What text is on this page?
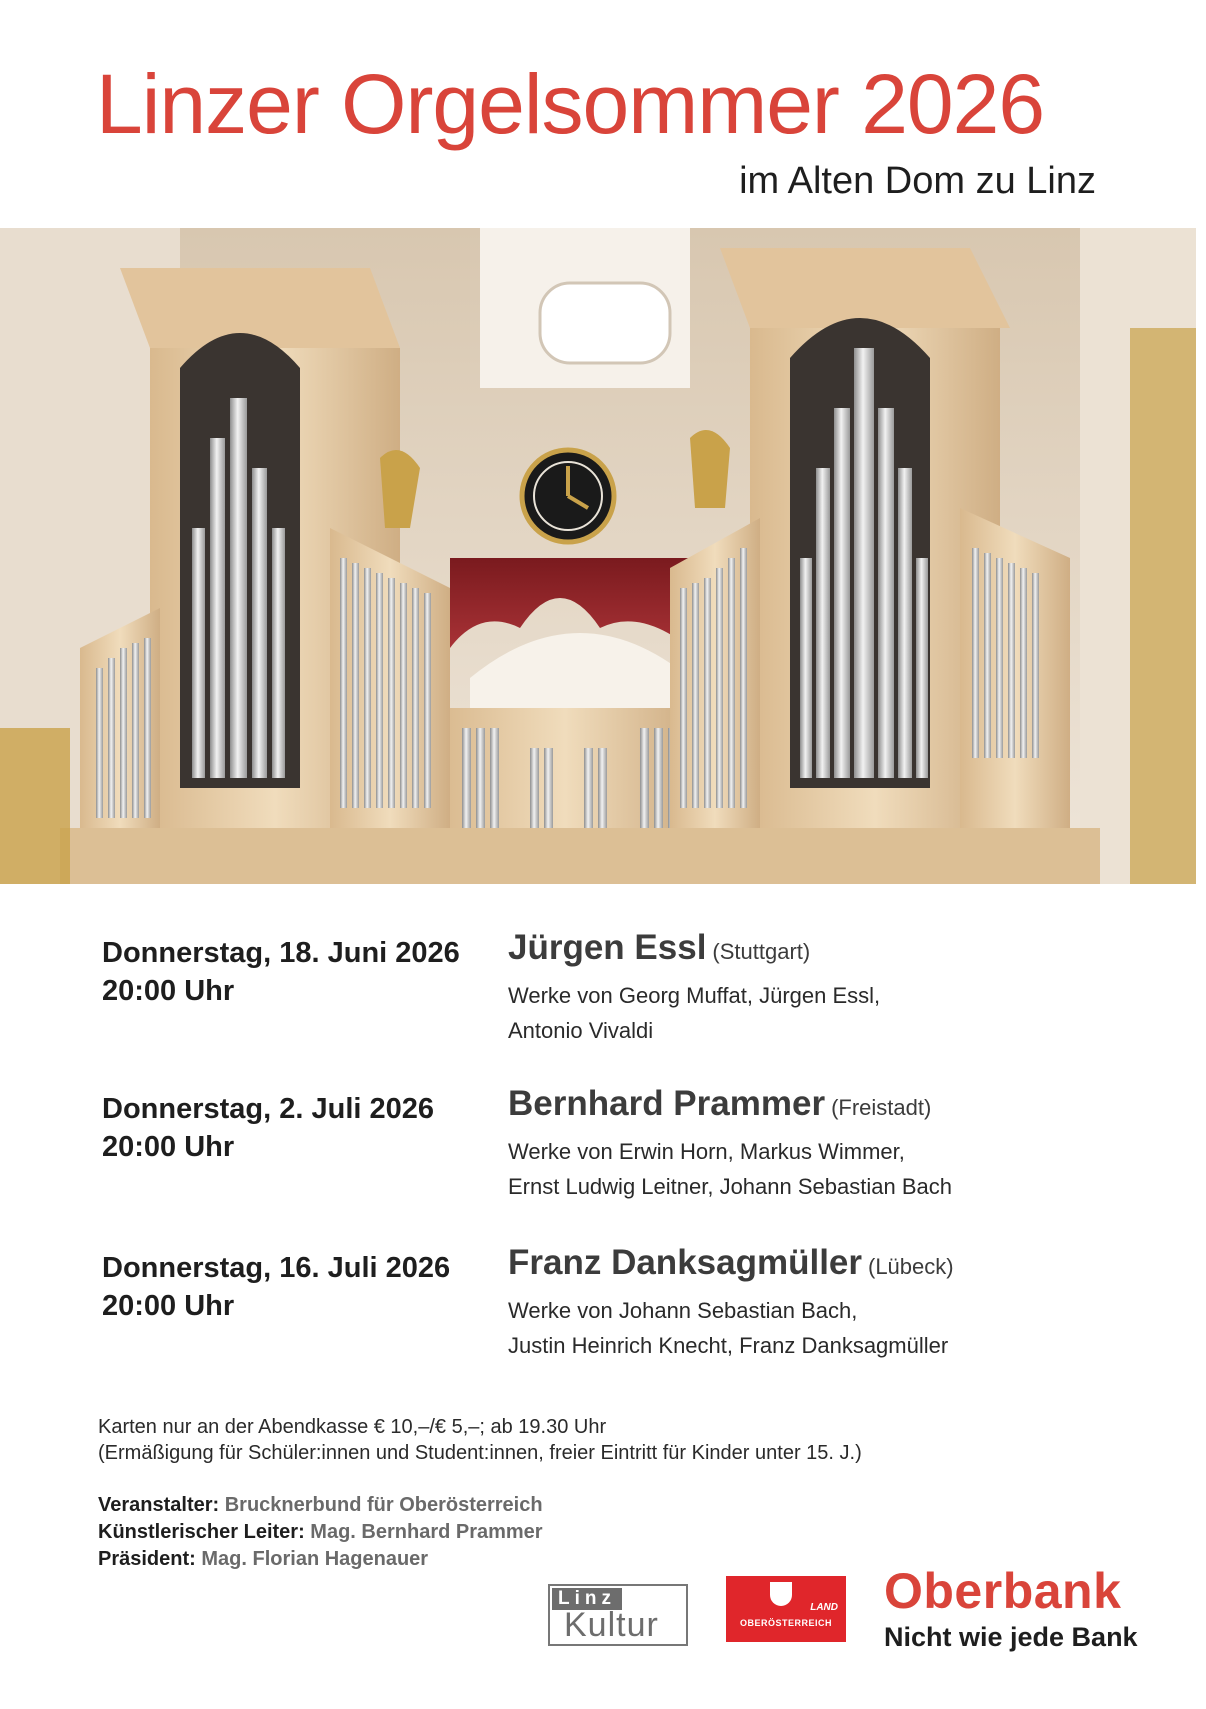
Linzer Orgelsommer 2026
im Alten Dom zu Linz
Donnerstag, 18. Juni 2026
20:00 Uhr
Jürgen Essl (Stuttgart)
Werke von Georg Muffat, Jürgen Essl,
Antonio Vivaldi
Donnerstag, 2. Juli 2026
20:00 Uhr
Bernhard Prammer (Freistadt)
Werke von Erwin Horn, Markus Wimmer,
Ernst Ludwig Leitner, Johann Sebastian Bach
Donnerstag, 16. Juli 2026
20:00 Uhr
Franz Danksagmüller (Lübeck)
Werke von Johann Sebastian Bach,
Justin Heinrich Knecht, Franz Danksagmüller
Karten nur an der Abendkasse € 10,–/€ 5,–; ab 19.30 Uhr
(Ermäßigung für Schüler:innen und Student:innen, freier Eintritt für Kinder unter 15. J.)
Veranstalter: Brucknerbund für Oberösterreich
Künstlerischer Leiter: Mag. Bernhard Prammer
Präsident: Mag. Florian Hagenauer
Linz
Kultur	LAND
OBERÖSTERREICH
Oberbank
Nicht wie jede Bank
